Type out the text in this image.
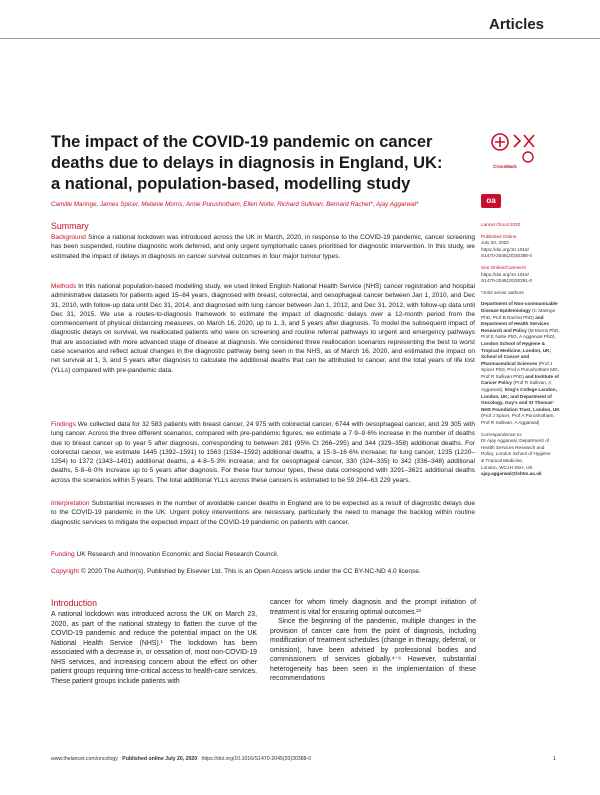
Articles
The impact of the COVID-19 pandemic on cancer deaths due to delays in diagnosis in England, UK: a national, population-based, modelling study
CrossMark
Camille Maringe, James Spicer, Melanie Morris, Arnie Purushotham, Ellen Nolte, Richard Sullivan, Bernard Rachet*, Ajay Aggarwal*
Summary
Background Since a national lockdown was introduced across the UK in March, 2020, in response to the COVID-19 pandemic, cancer screening has been suspended, routine diagnostic work deferred, and only urgent symptomatic cases prioritised for diagnostic intervention. In this study, we estimated the impact of delays in diagnosis on cancer survival outcomes in four major tumour types.
Methods In this national population-based modelling study, we used linked English National Health Service (NHS) cancer registration and hospital administrative datasets for patients aged 15–84 years, diagnosed with breast, colorectal, and oesophageal cancer between Jan 1, 2010, and Dec 31, 2010, with follow-up data until Dec 31, 2014, and diagnosed with lung cancer between Jan 1, 2012, and Dec 31, 2012, with follow-up data until Dec 31, 2015. We use a routes-to-diagnosis framework to estimate the impact of diagnostic delays over a 12-month period from the commencement of physical distancing measures, on March 16, 2020, up to 1, 3, and 5 years after diagnosis. To model the subsequent impact of diagnostic delays on survival, we reallocated patients who were on screening and routine referral pathways to urgent and emergency pathways that are associated with more advanced stage of disease at diagnosis. We considered three reallocation scenarios representing the best to worst case scenarios and reflect actual changes in the diagnostic pathway being seen in the NHS, as of March 16, 2020, and estimated the impact on net survival at 1, 3, and 5 years after diagnosis to calculate the additional deaths that can be attributed to cancer, and the total years of life lost (YLLs) compared with pre-pandemic data.
Findings We collected data for 32 583 patients with breast cancer, 24 975 with colorectal cancer, 6744 with oesophageal cancer, and 29 305 with lung cancer. Across the three different scenarios, compared with pre-pandemic figures, we estimate a 7·9–9·6% increase in the number of deaths due to breast cancer up to year 5 after diagnosis, corresponding to between 281 (95% CI 266–295) and 344 (329–358) additional deaths. For colorectal cancer, we estimate 1445 (1392–1591) to 1563 (1534–1592) additional deaths, a 15·3–16·6% increase; for lung cancer, 1235 (1220–1254) to 1372 (1343–1401) additional deaths, a 4·8–5·3% increase; and for oesophageal cancer, 330 (324–335) to 342 (336–348) additional deaths, 5·8–6·0% increase up to 5 years after diagnosis. For these four tumour types, these data correspond with 3291–3621 additional deaths across the scenarios within 5 years. The total additional YLLs across these cancers is estimated to be 59 204–63 229 years.
Interpretation Substantial increases in the number of avoidable cancer deaths in England are to be expected as a result of diagnostic delays due to the COVID-19 pandemic in the UK. Urgent policy interventions are necessary, particularly the need to manage the backlog within routine diagnostic services to mitigate the expected impact of the COVID-19 pandemic on patients with cancer.
Funding UK Research and Innovation Economic and Social Research Council.
Copyright © 2020 The Author(s). Published by Elsevier Ltd. This is an Open Access article under the CC BY-NC-ND 4.0 license.
Introduction
A national lockdown was introduced across the UK on March 23, 2020, as part of the national strategy to flatten the curve of the COVID-19 pandemic and reduce the potential impact on the UK National Health Service (NHS).¹ The lockdown has been associated with a decrease in, or cessation of, most non-COVID-19 NHS services, and increasing concern about the effect on other patient groups requiring time-critical access to health-care services. These patient groups include patients with
cancer for whom timely diagnosis and the prompt initiation of treatment is vital for ensuring optimal outcomes.²³
Since the beginning of the pandemic, multiple changes in the provision of cancer care from the point of diagnosis, including modification of treatment schedules (change in therapy, deferral, or omission), have been advised by professional bodies and commissioners of services globally.⁴⁻⁶ However, substantial heterogeneity has been seen in the implementation of these recommendations
oa
Lancet Oncol 2020
Published Online
July 20, 2020
https://doi.org/10.1016/
S1470-2045(20)30388-0
See Online/Comment
https://doi.org/10.1016/
S1470-2045(20)30391-0
*Joint senior authors
Department of Non-communicable Disease Epidemiology (C Maringe PhD, Prof B Rachet PhD) and Department of Health Services Research and Policy (M Morris PhD, Prof E Nolte PhD, A Aggarwal PhD), London School of Hygiene & Tropical Medicine, London, UK; School of Cancer and Pharmaceutical Sciences (Prof J Spicer PhD, Prof A Purushotham MD, Prof R Sullivan PhD) and Institute of Cancer Policy (Prof R Sullivan, A Aggarwal), King's College London, London, UK; and Department of Oncology, Guy's and St Thomas' NHS Foundation Trust, London, UK (Prof J Spicer, Prof A Purushotham, Prof R Sullivan, A Aggarwal)
Correspondence to:
Dr Ajay Aggarwal, Department of
Health Services Research and
Policy, London School of Hygiene
& Tropical Medicine,
London, WC1H 9SH, UK
ajay.aggarwal@lshtm.ac.uk
www.thelancet.com/oncology Published online July 20, 2020 https://doi.org/10.1016/S1470-2045(20)30388-0	1
